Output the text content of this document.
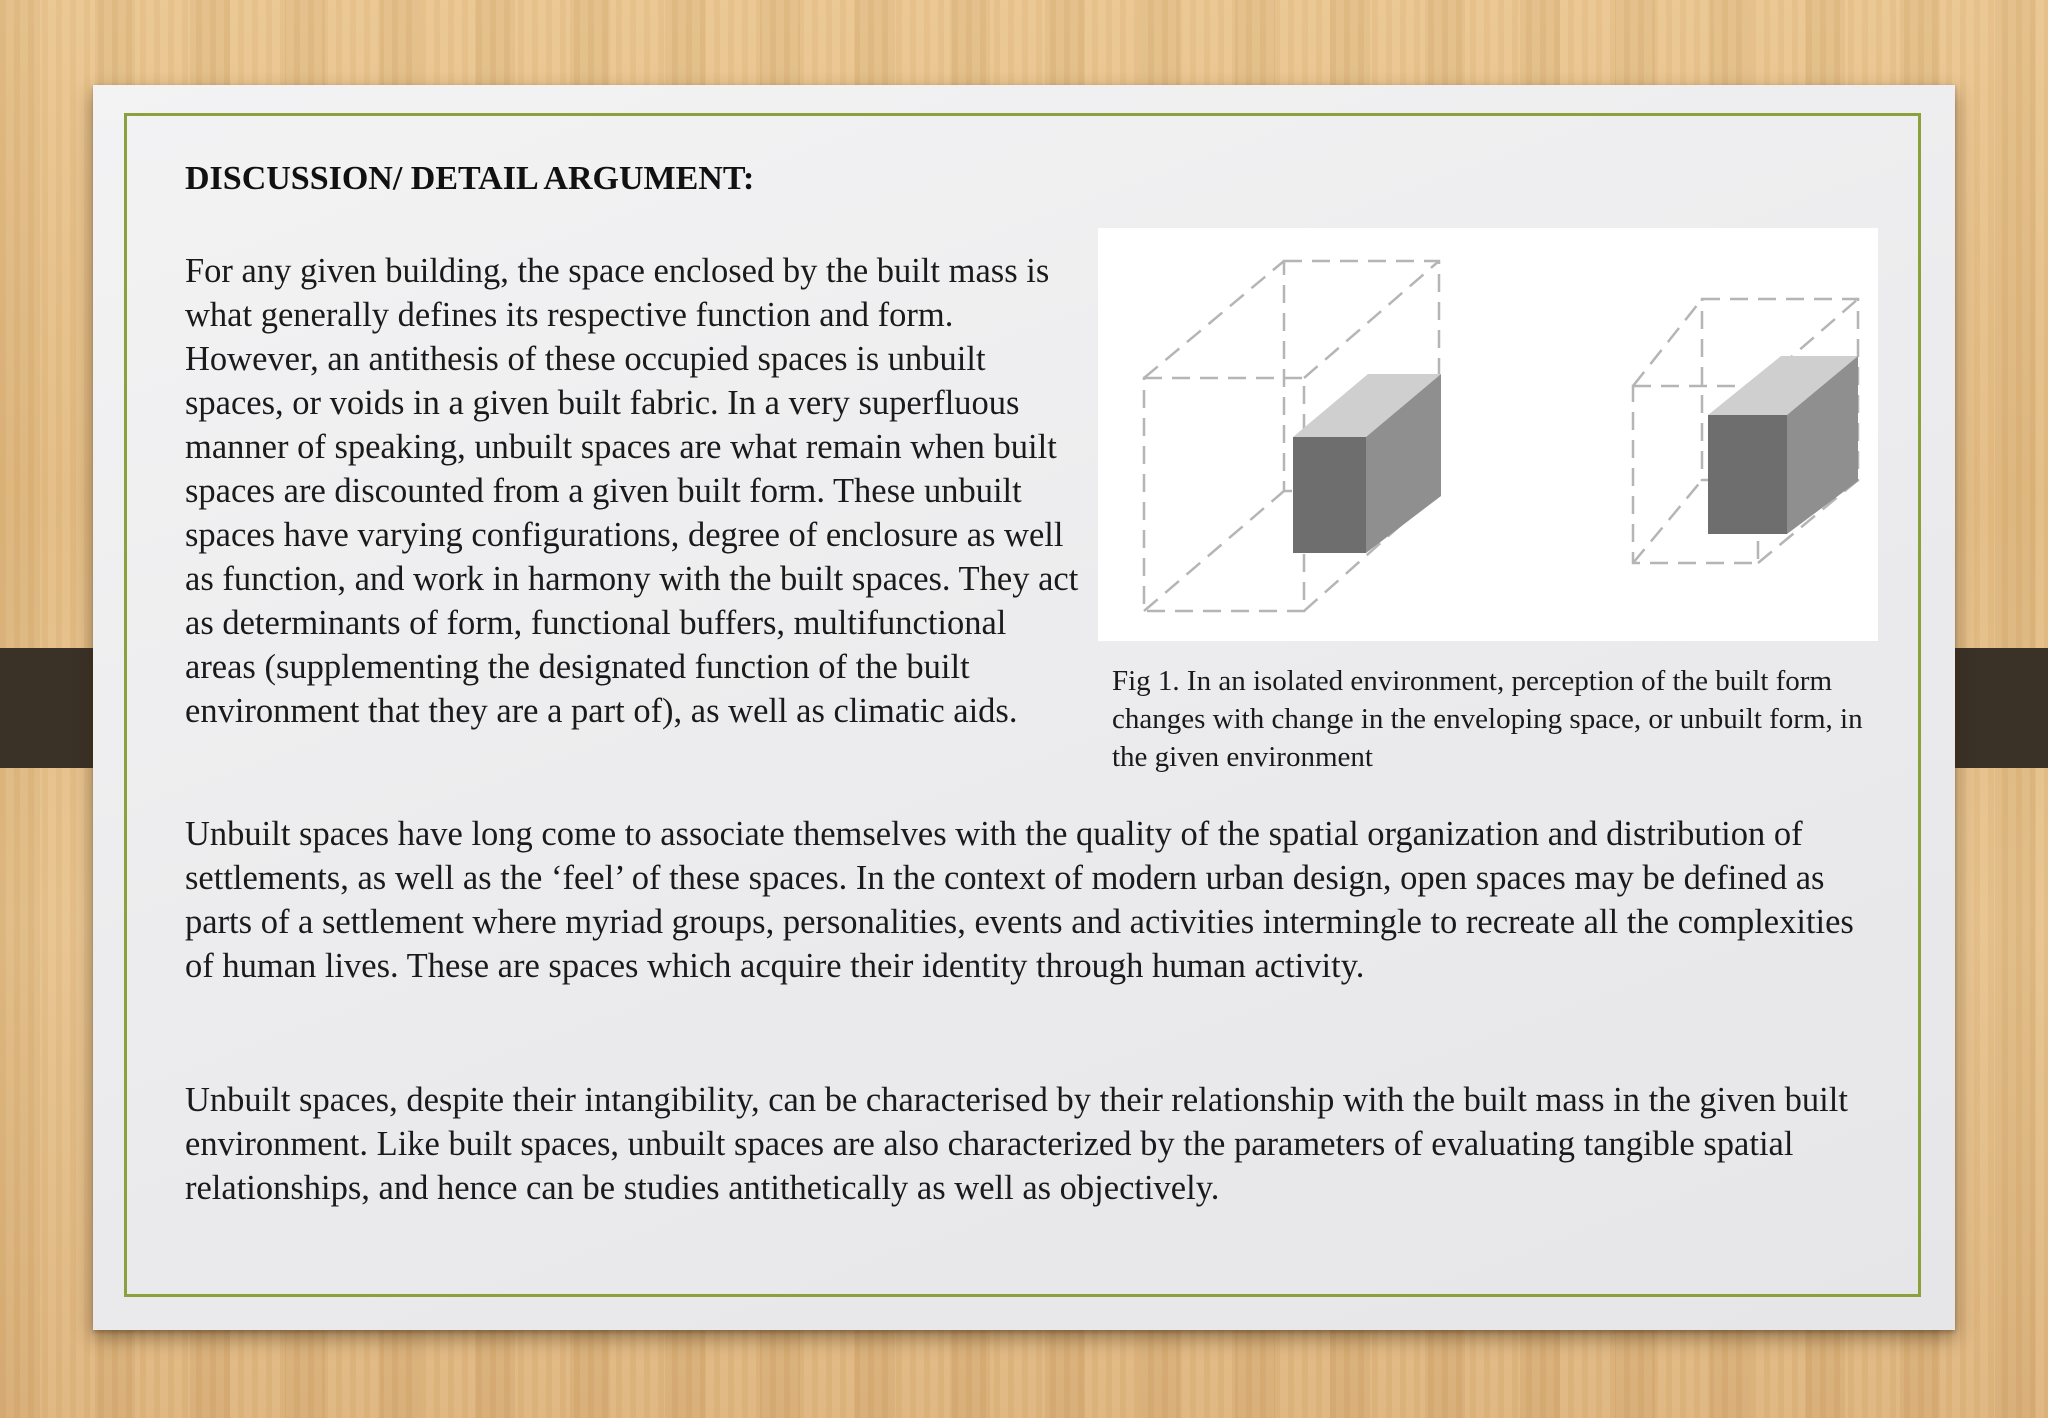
DISCUSSION/ DETAIL ARGUMENT:

For any given building, the space enclosed by the built mass is what generally defines its respective function and form. However, an antithesis of these occupied spaces is unbuilt spaces, or voids in a given built fabric. In a very superfluous manner of speaking, unbuilt spaces are what remain when built spaces are discounted from a given built form. These unbuilt spaces have varying configurations, degree of enclosure as well as function, and work in harmony with the built spaces. They act as determinants of form, functional buffers, multifunctional areas (supplementing the designated function of the built environment that they are a part of), as well as climatic aids.

Fig 1. In an isolated environment, perception of the built form changes with change in the enveloping space, or unbuilt form, in the given environment

Unbuilt spaces have long come to associate themselves with the quality of the spatial organization and distribution of settlements, as well as the ‘feel’ of these spaces. In the context of modern urban design, open spaces may be defined as parts of a settlement where myriad groups, personalities, events and activities intermingle to recreate all the complexities of human lives. These are spaces which acquire their identity through human activity.

Unbuilt spaces, despite their intangibility, can be characterised by their relationship with the built mass in the given built environment. Like built spaces, unbuilt spaces are also characterized by the parameters of evaluating tangible spatial relationships, and hence can be studies antithetically as well as objectively.
